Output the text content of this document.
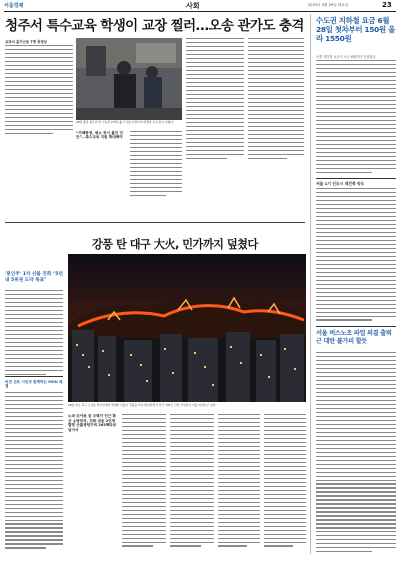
서울경제	사회	2025년 4월 29일 화요일	23
청주서 특수교육 학생이 교장 찔러…오송 관가도 충격
교과서 흉기난동 7명 중경상
28일 충북 청주의 한 고등학교에서 흉기 난동이 벌어져 학생과 교사 등이 다쳤다.
“가해학생, 평소 정서 불안 진단”…특수교육 지원 확대해야
수도권 지하철 요금 6월 28일 첫차부터 150원 올라 1550원
서울 지하철 요금이 오는 6월부터 인상된다
서울 1기 신도시 재건축 속도
서울 버스노조 파업 의결 출퇴근 대란 불가피 할듯
'통인주' 1자 산불 진화 "5년내 5위권 도약 목표"
비전 선포 시민과 함께하는 MOU 체결
강풍 탄 대구 大火, 민가까지 덮쳤다
28일 대구 북구 노곡동 함지산에서 발생한 산불이 강풍을 타고 확산되면서 인근 아파트 단지 주민들이 이를 지켜보고 있다.
노곡·조야동 등 주택가 인근 확산 소방당국, 진화 대응 2단계 발령 산불영향구역 262헥타르 넘어서
